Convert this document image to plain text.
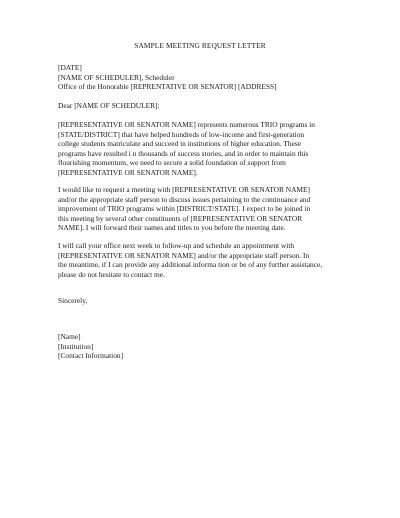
SAMPLE MEETING REQUEST LETTER
[DATE]
[NAME OF SCHEDULER], Scheduler
Office of the Honorable [REPRENTATIVE OR SENATOR] [ADDRESS]
Dear [NAME OF SCHEDULER]:
[REPRESENTATIVE OR SENATOR NAME] represents numerous TRIO programs in
[STATE/DISTRICT] that have helped hundreds of low-income and first-generation
college students matriculate and succeed in institutions of higher education. These
programs have resulted i n thousands of success stories, and in order to maintain this
flourishing momentum, we need to secure a solid foundation of support from
[REPRESENTATIVE OR SENATOR NAME].
I would like to request a meeting with [REPRESENTATIVE OR SENATOR NAME]
and/or the appropriate staff person to discuss issues pertaining to the continuance and
improvement of TRIO programs within [DISTRICT/STATE]. I expect to be joined in
this meeting by several other constituents of [REPRESENTATIVE OR SENATOR
NAME]. I will forward their names and titles to you before the meeting date.
I will call your office next week to follow-up and schedule an appointment with
[REPRESENTATIVE OR SENATOR NAME] and/or the appropriate staff person. In
the meantime, if I can provide any additional informa tion or be of any further assistance,
please do not hesitate to contact me.
Sincerely,
[Name]
[Institution]
[Contact Information]
